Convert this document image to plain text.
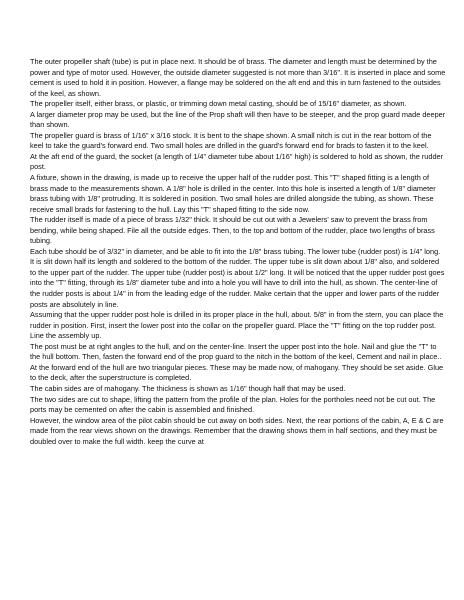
The outer propeller shaft (tube) is put in place next. It should be of brass. The diameter and length must be determined by the power and type of motor used. However, the outside diameter suggested is not more than 3/16". It is inserted in place and some cement is used to hold it in position. However, a flange may be soldered on the aft end and this in turn fastened to the outsides of the keel, as shown.

The propeller itself, either brass, or plastic, or trimming down metal casting, should be of 15/16" diameter, as shown.

A larger diameter prop may be used, but the line of the Prop shaft will then have to be steeper, and the prop guard made deeper than shown.

The propeller guard is brass of 1/16" x 3/16 stock. It is bent to the shape shown. A small nitch is cut in the rear bottom of the keel to take the guard's forward end. Two small holes are drilled in the guard's forward end for brads to fasten it to the keel.

At the aft end of the guard, the socket (a length of 1/4" diameter tube about 1/16" high) is soldered to hold as shown, the rudder post.

A fixture, shown in the drawing, is made up to receive the upper half of the rudder post. This "T" shaped fitting is a length of brass made to the measurements shown. A 1/8" hole is drilled in the center. Into this hole is inserted a length of 1/8" diameter brass tubing with 1/8" protruding. It is soldered in position. Two small holes are drilled alongside the tubing, as shown. These receive small brads for fastening to the hull. Lay this "T" shaped fitting to the side now.

The rudder itself is made of a piece of brass 1/32" thick. It should be cut out with a Jewelers' saw to prevent the brass from bending, while being shaped. File all the outside edges. Then, to the top and bottom of the rudder, place two lengths of brass tubing.

Each tube should be of 3/32" in diameter, and be able to fit into the 1/8" brass tubing. The lower tube (rudder post) is 1/4" long. It is slit down half its length and soldered to the bottom of the rudder. The upper tube is slit down about 1/8" also, and soldered to the upper part of the rudder. The upper tube (rudder post) is about 1/2" long. It will be noticed that the upper rudder post goes into the "T" fitting, through its 1/8" diameter tube and into a hole you will have to drill into the hull, as shown. The center-line of the rudder posts is about 1/4" in from the leading edge of the rudder. Make certain that the upper and lower parts of the rudder posts are absolutely in line.

Assuming that the upper rudder post hole is drilled in its proper place in the hull, about. 5/8" in from the stern, you can place the rudder in position. First, insert the lower post into the collar on the propeller guard. Place the "T" fitting on the top rudder post. Line the assembly up.

The post must be at right angles to the hull, and on the center-line. Insert the upper post into the hole. Nail and glue the "T" to the hull bottom. Then, fasten the forward end of the prop guard to the nitch in the bottom of the keel, Cement and nail in place..

At the forward end of the hull are two triangular pieces. These may be made now, of mahogany. They should be set aside. Glue to the deck, after the superstructure is completed.

The cabin sides are of mahogany. The thickness is shown as 1/16" though half that may be used.

The two sides are cut to shape, lifting the pattern from the profile of the plan. Holes for the portholes need not be cut out. The ports may be cemented on after the cabin is assembled and finished.

However, the window area of the pilot cabin should be cut away on both sides. Next, the rear portions of the cabin, A, E & C are made from the rear views shown on the drawings. Remember that the drawing shows them in half sections, and they must be doubled over to make the full width. keep the curve at
